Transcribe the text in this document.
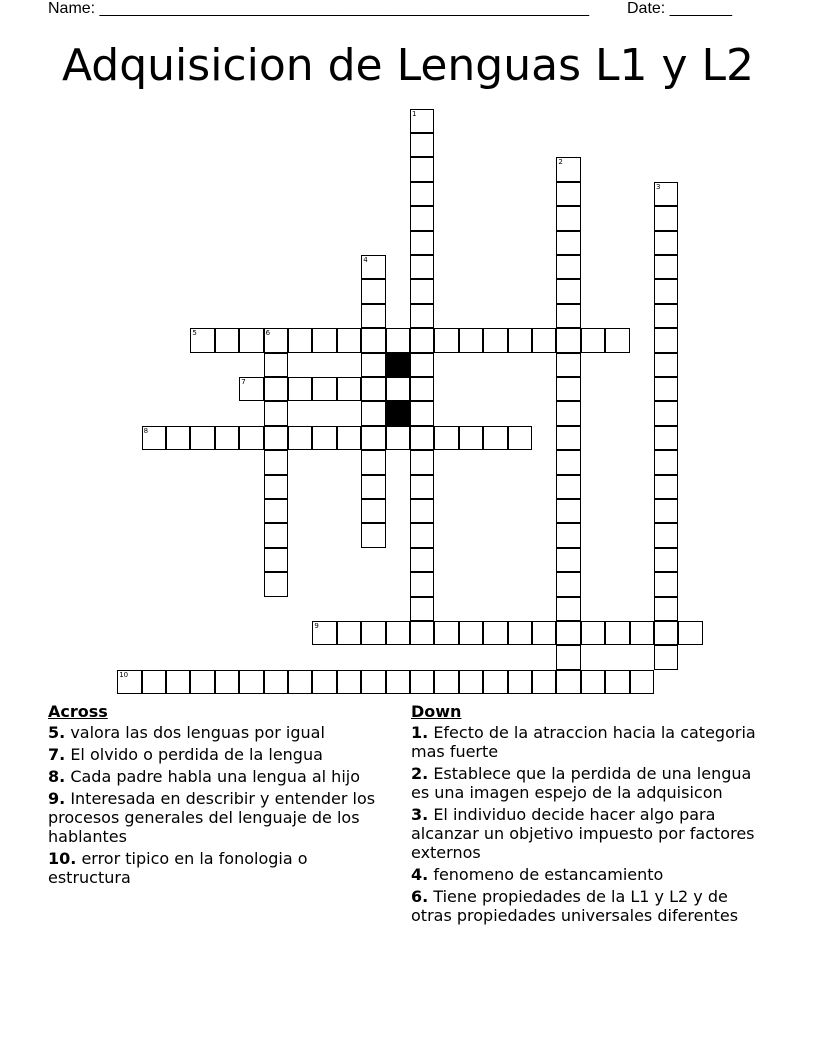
Name: _______________________________________________________ Date: _______
Adquisicion de Lenguas L1 y L2
1
2
3
4
5	6
7
8
9
10
Across
5. valora las dos lenguas por igual
7. El olvido o perdida de la lengua
8. Cada padre habla una lengua al hijo
9. Interesada en describir y entender los procesos generales del lenguaje de los hablantes
10. error tipico en la fonologia o estructura
Down
1. Efecto de la atraccion hacia la categoria mas fuerte
2. Establece que la perdida de una lengua es una imagen espejo de la adquisicon
3. El individuo decide hacer algo para alcanzar un objetivo impuesto por factores externos
4. fenomeno de estancamiento
6. Tiene propiedades de la L1 y L2 y de otras propiedades universales diferentes
